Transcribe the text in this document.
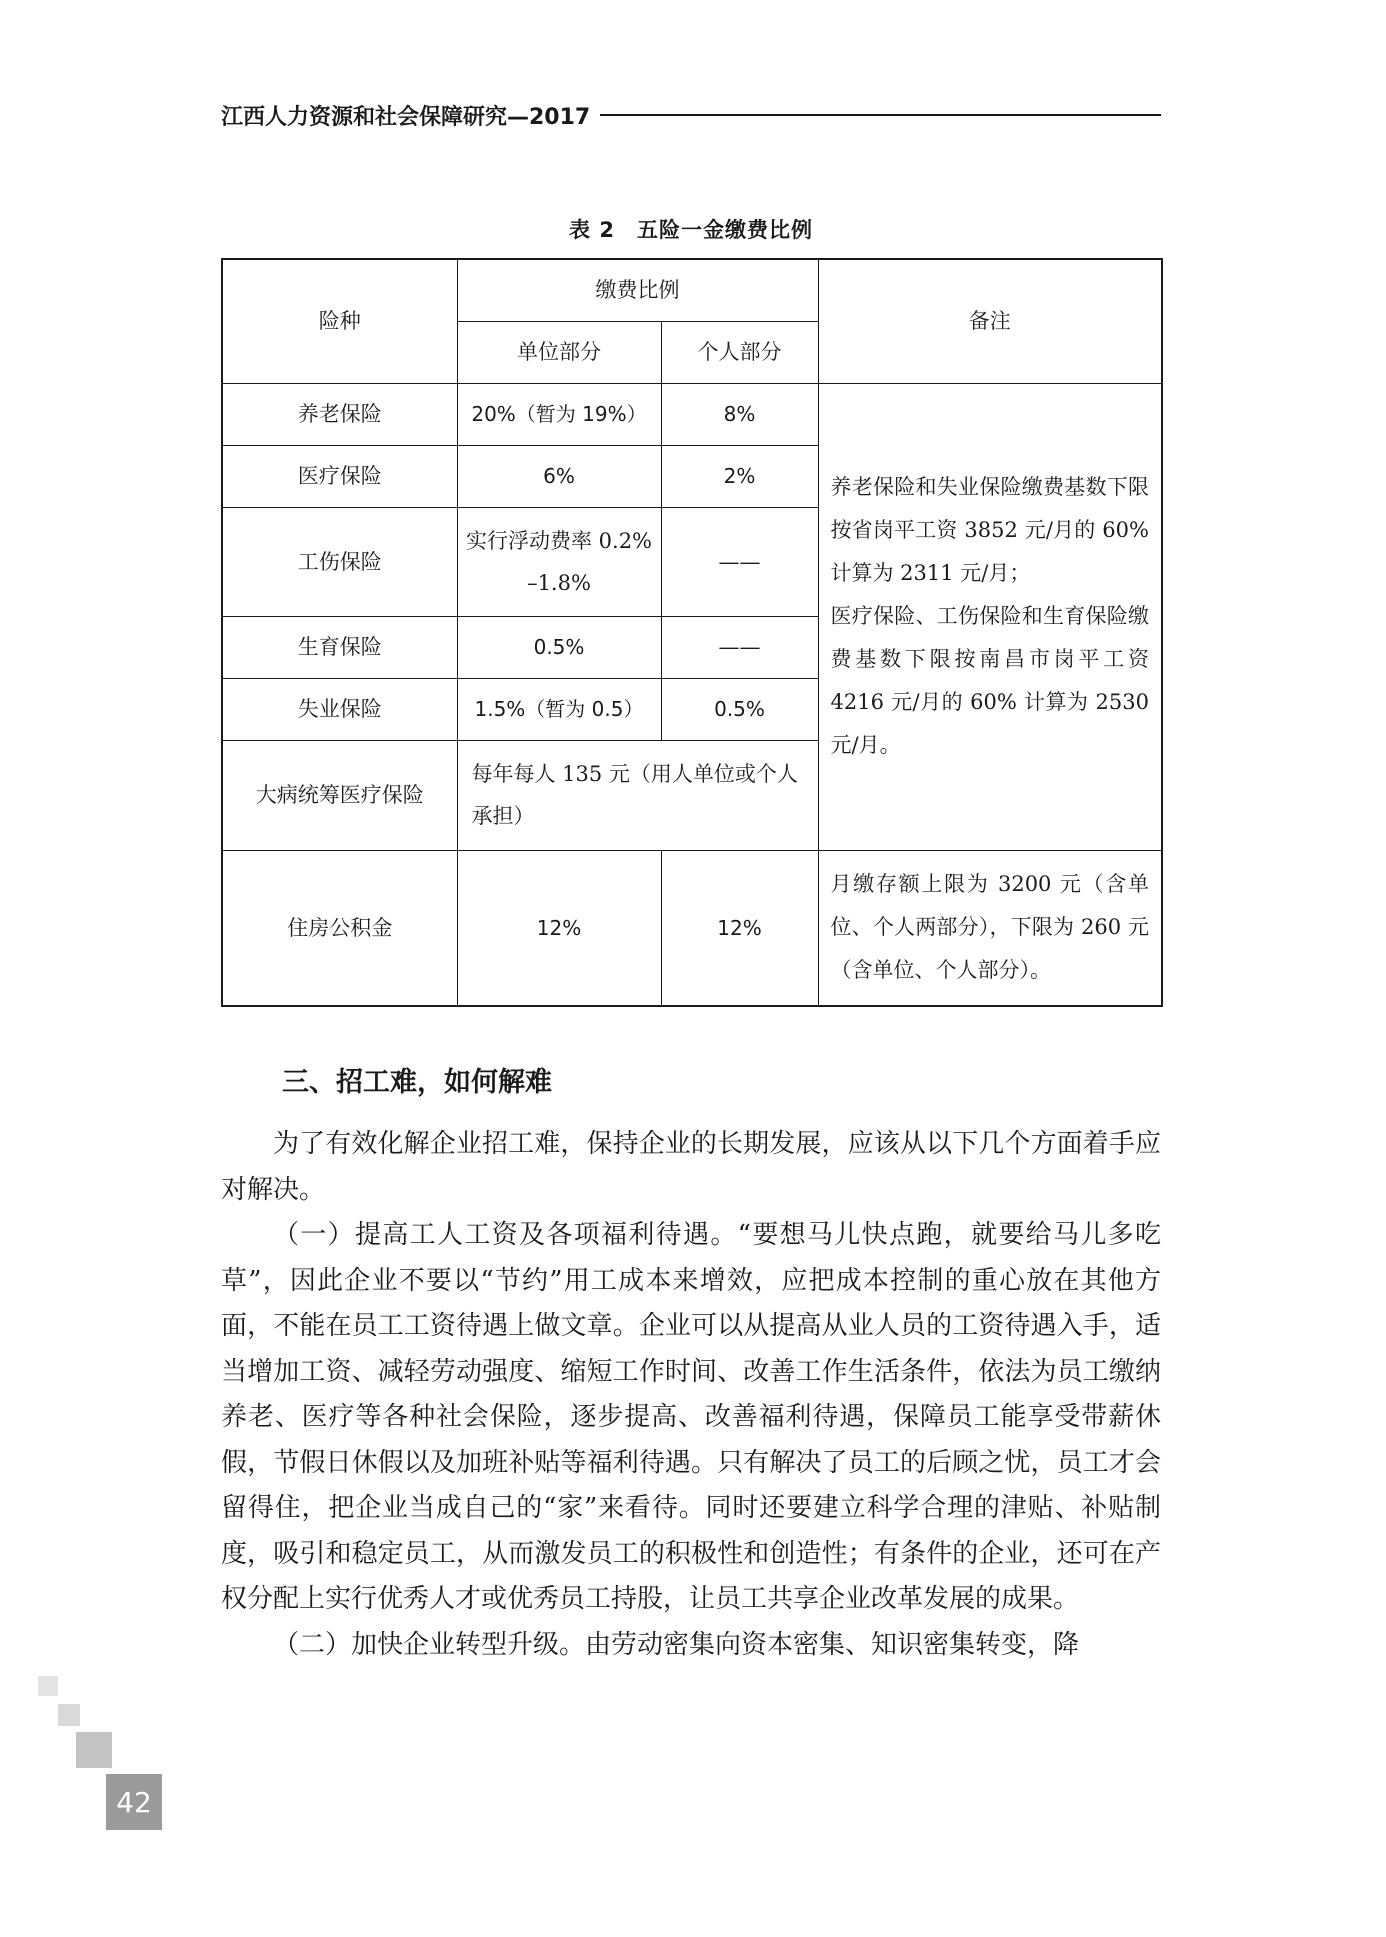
江西人力资源和社会保障研究—2017
表 2 五险一金缴费比例
险种	缴费比例		备注
	单位部分	个人部分	
养老保险	20%（暂为 19%）	8%	养老保险和失业保险缴费基数下限按省岗平工资 3852 元/月的 60% 计算为 2311 元/月；
医疗保险、工伤保险和生育保险缴费基数下限按南昌市岗平工资 4216 元/月的 60% 计算为 2530 元/月。

医疗保险	6%	2%	
工伤保险	实行浮动费率 0.2% –1.8%	——	
生育保险	0.5%	——	
失业保险	1.5%（暂为 0.5）	0.5%	
大病统筹医疗保险	每年每人 135 元（用人单位或个人承担）		
住房公积金	12%	12%	月缴存额上限为 3200 元（含单位、个人两部分），下限为 260 元（含单位、个人部分）。
三、招工难，如何解难

为了有效化解企业招工难，保持企业的长期发展，应该从以下几个方面着手应对解决。

（一）提高工人工资及各项福利待遇。“要想马儿快点跑，就要给马儿多吃草”，因此企业不要以“节约”用工成本来增效，应把成本控制的重心放在其他方面，不能在员工工资待遇上做文章。企业可以从提高从业人员的工资待遇入手，适当增加工资、减轻劳动强度、缩短工作时间、改善工作生活条件，依法为员工缴纳养老、医疗等各种社会保险，逐步提高、改善福利待遇，保障员工能享受带薪休假，节假日休假以及加班补贴等福利待遇。只有解决了员工的后顾之忧，员工才会留得住，把企业当成自己的“家”来看待。同时还要建立科学合理的津贴、补贴制度，吸引和稳定员工，从而激发员工的积极性和创造性；有条件的企业，还可在产权分配上实行优秀人才或优秀员工持股，让员工共享企业改革发展的成果。

（二）加快企业转型升级。由劳动密集向资本密集、知识密集转变，降

42
